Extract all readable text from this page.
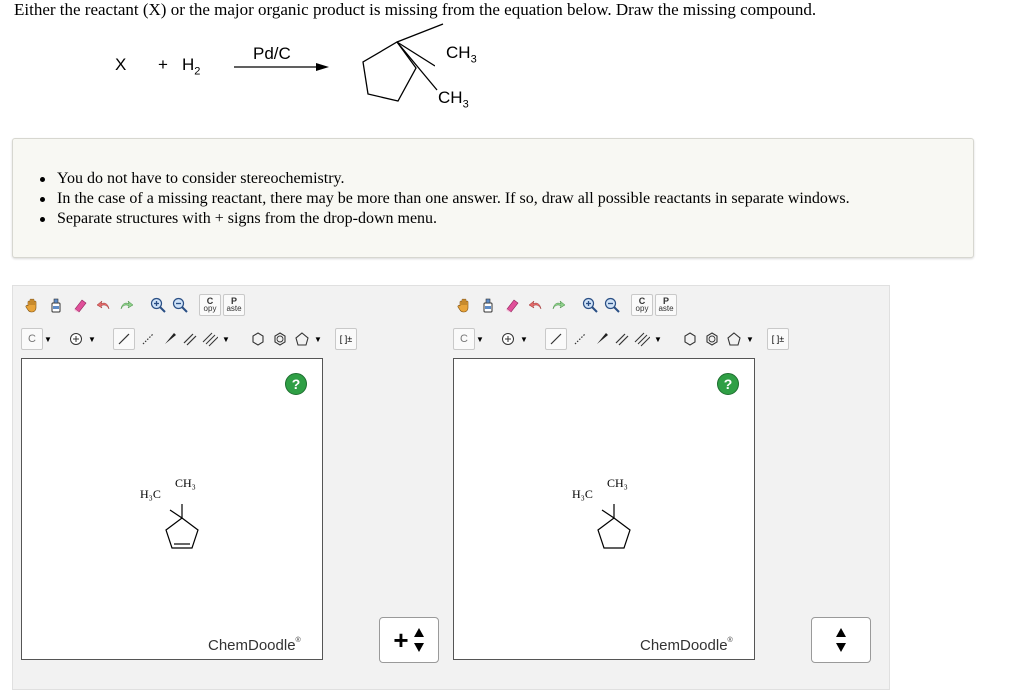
Either the reactant (X) or the major organic product is missing from the equation below. Draw the missing compound.
$X + H_2$
Pd/C	$CH_3$
$CH_3$
You do not have to consider stereochemistry.
In the case of a missing reactant, there may be more than one answer. If so, draw all possible reactants in separate windows.
Separate structures with + signs from the drop-down menu.
C
opy
P
aste
C	▼	▼	▼	▼	[ ]±
?
H₃C
CH₃
ChemDoodle®	+
C
opy
P
aste
C	▼	▼	▼	▼	[ ]±
?
H₃C
CH₃
ChemDoodle®
